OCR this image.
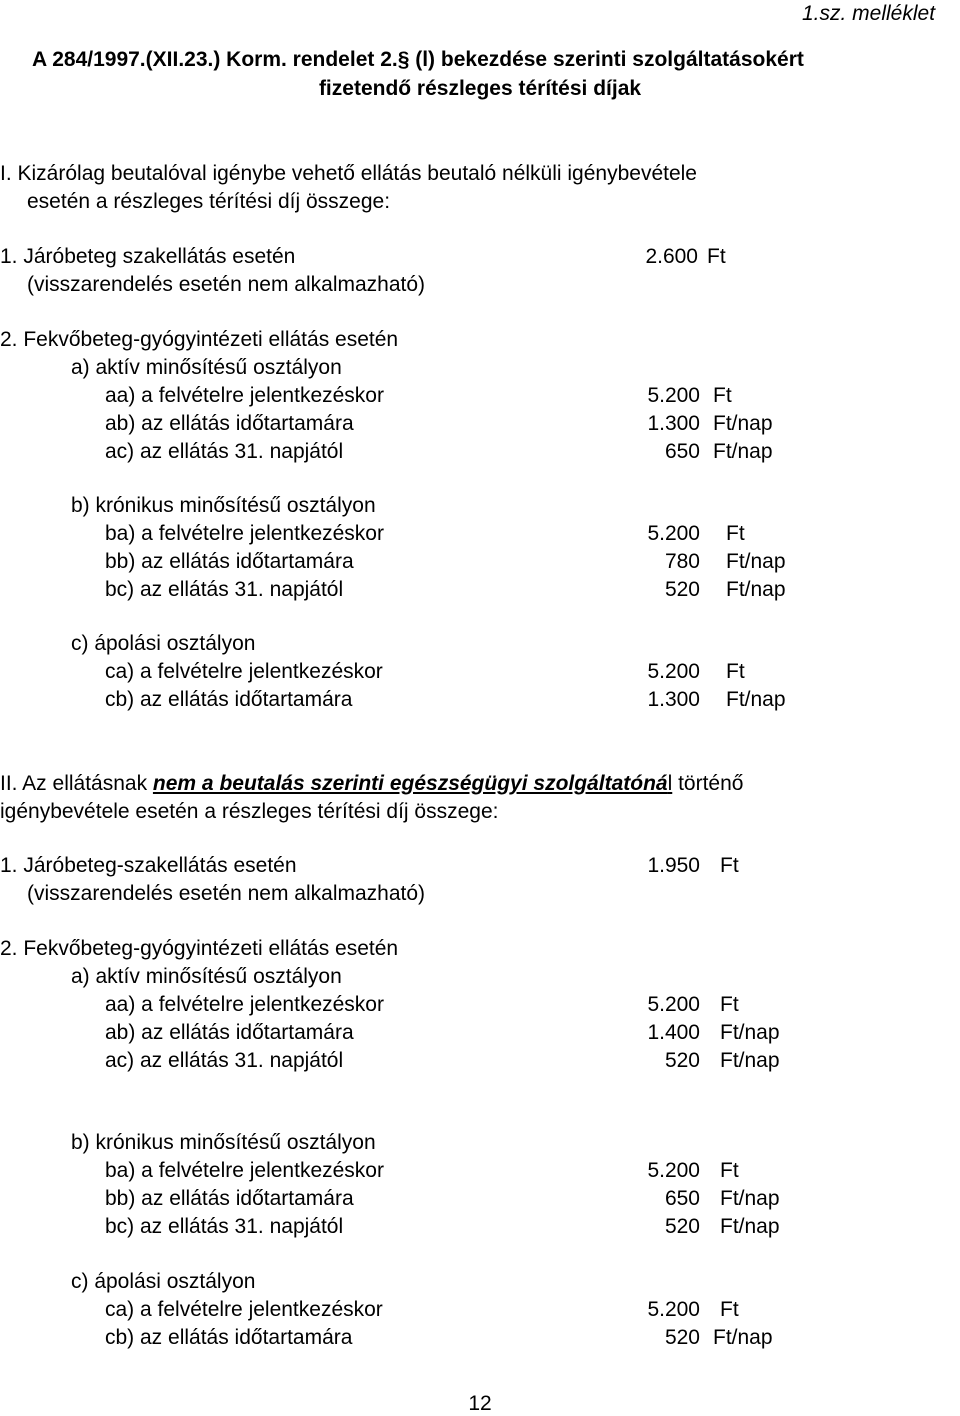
1.sz. melléklet
A 284/1997.(XII.23.) Korm. rendelet 2.§ (l) bekezdése szerinti szolgáltatásokért
fizetendő részleges térítési díjak
I. Kizárólag beutalóval igénybe vehető ellátás beutaló nélküli igénybevétele
esetén a részleges térítési díj összege:
1. Járóbeteg szakellátás esetén	2.600 Ft
(visszarendelés esetén nem alkalmazható)
2. Fekvőbeteg-gyógyintézeti ellátás esetén
a) aktív minősítésű osztályon
aa) a felvételre jelentkezéskor	5.200 Ft
ab) az ellátás időtartamára	1.300 Ft/nap
ac) az ellátás 31. napjától	650 Ft/nap
b) krónikus minősítésű osztályon
ba) a felvételre jelentkezéskor	5.200 Ft
bb) az ellátás időtartamára	780 Ft/nap
bc) az ellátás 31. napjától	520 Ft/nap
c) ápolási osztályon
ca) a felvételre jelentkezéskor	5.200 Ft
cb) az ellátás időtartamára	1.300 Ft/nap
II. Az ellátásnak nem a beutalás szerinti egészségügyi szolgáltatónál történő
igénybevétele esetén a részleges térítési díj összege:
1. Járóbeteg-szakellátás esetén	1.950 Ft
(visszarendelés esetén nem alkalmazható)
2. Fekvőbeteg-gyógyintézeti ellátás esetén
a) aktív minősítésű osztályon
aa) a felvételre jelentkezéskor	5.200 Ft
ab) az ellátás időtartamára	1.400 Ft/nap
ac) az ellátás 31. napjától	520 Ft/nap
b) krónikus minősítésű osztályon
ba) a felvételre jelentkezéskor	5.200 Ft
bb) az ellátás időtartamára	650 Ft/nap
bc) az ellátás 31. napjától	520 Ft/nap
c) ápolási osztályon
ca) a felvételre jelentkezéskor	5.200 Ft
cb) az ellátás időtartamára	520 Ft/nap
12
